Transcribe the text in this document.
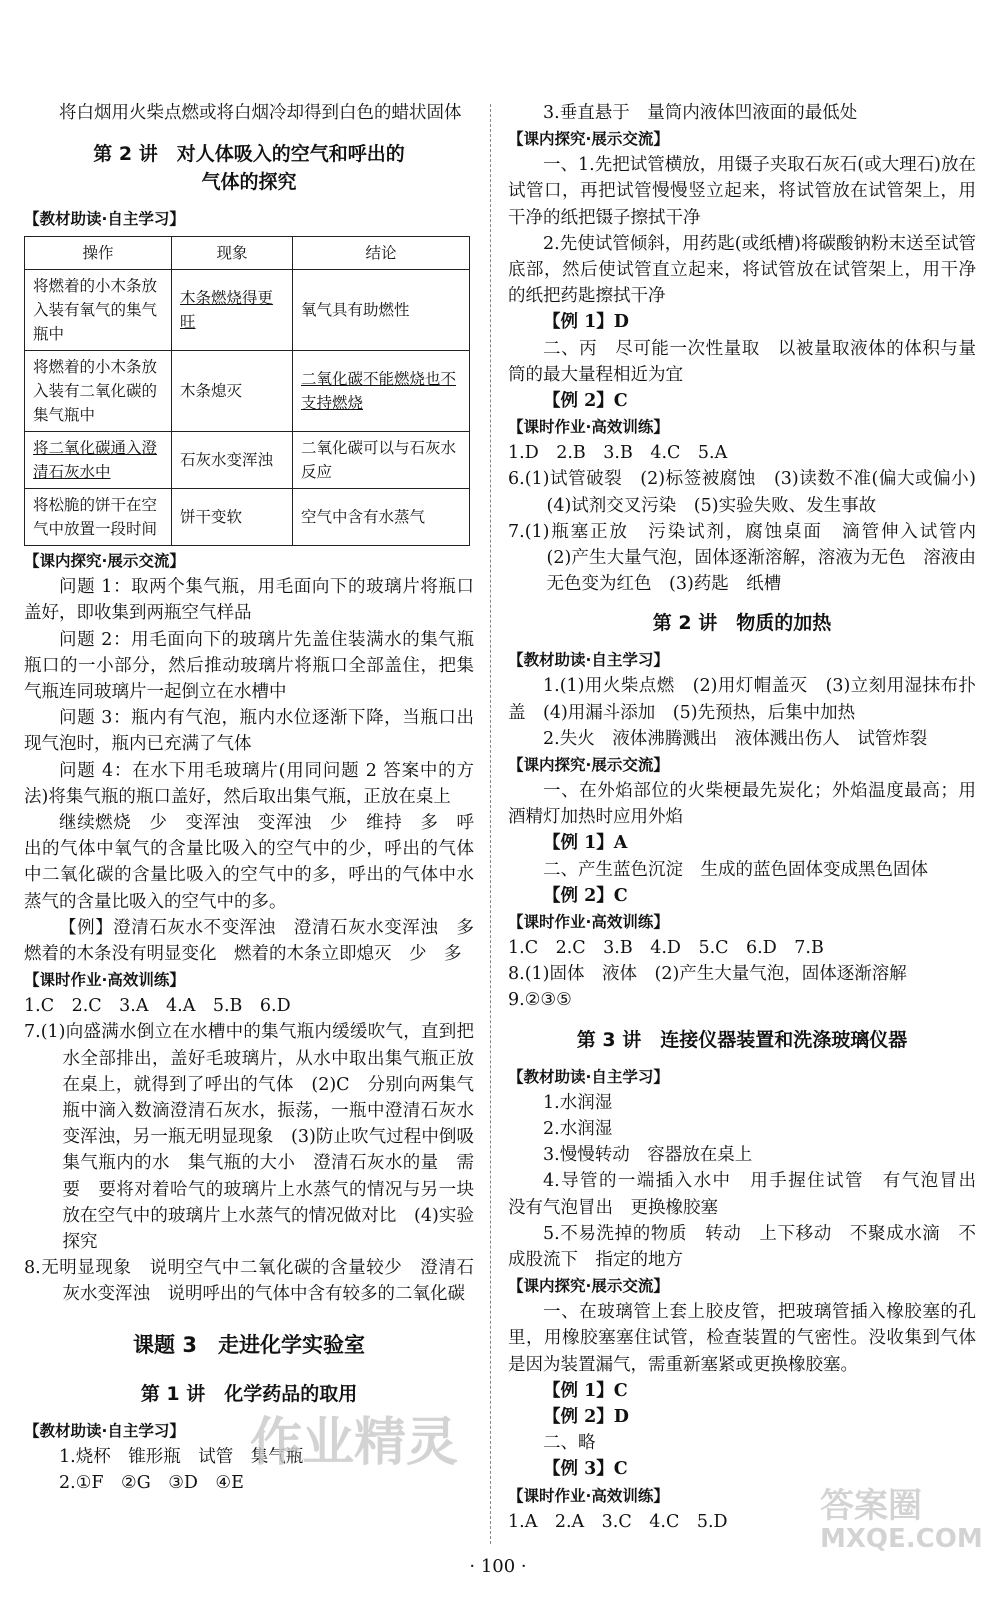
将白烟用火柴点燃或将白烟冷却得到白色的蜡状固体

第 2 讲　对人体吸入的空气和呼出的
气体的探究

【教材助读·自主学习】

操作	现象	结论
将燃着的小木条放入装有氧气的集气瓶中	木条燃烧得更旺	氧气具有助燃性
将燃着的小木条放入装有二氧化碳的集气瓶中	木条熄灭	二氧化碳不能燃烧也不支持燃烧
将二氧化碳通入澄清石灰水中	石灰水变浑浊	二氧化碳可以与石灰水反应
将松脆的饼干在空气中放置一段时间	饼干变软	空气中含有水蒸气

【课内探究·展示交流】

问题 1：取两个集气瓶，用毛面向下的玻璃片将瓶口盖好，即收集到两瓶空气样品

问题 2：用毛面向下的玻璃片先盖住装满水的集气瓶瓶口的一小部分，然后推动玻璃片将瓶口全部盖住，把集气瓶连同玻璃片一起倒立在水槽中

问题 3：瓶内有气泡，瓶内水位逐渐下降，当瓶口出现气泡时，瓶内已充满了气体

问题 4：在水下用毛玻璃片(用同问题 2 答案中的方法)将集气瓶的瓶口盖好，然后取出集气瓶，正放在桌上

继续燃烧　少　变浑浊　变浑浊　少　维持　多　呼出的气体中氧气的含量比吸入的空气中的少，呼出的气体中二氧化碳的含量比吸入的空气中的多，呼出的气体中水蒸气的含量比吸入的空气中的多。

【例】澄清石灰水不变浑浊　澄清石灰水变浑浊　多　燃着的木条没有明显变化　燃着的木条立即熄灭　少　多

【课时作业·高效训练】

1.C　2.C　3.A　4.A　5.B　6.D

7.(1)向盛满水倒立在水槽中的集气瓶内缓缓吹气，直到把水全部排出，盖好毛玻璃片，从水中取出集气瓶正放在桌上，就得到了呼出的气体　(2)C　分别向两集气瓶中滴入数滴澄清石灰水，振荡，一瓶中澄清石灰水变浑浊，另一瓶无明显现象　(3)防止吹气过程中倒吸集气瓶内的水　集气瓶的大小　澄清石灰水的量　需要　要将对着哈气的玻璃片上水蒸气的情况与另一块放在空气中的玻璃片上水蒸气的情况做对比　(4)实验探究

8.无明显现象　说明空气中二氧化碳的含量较少　澄清石灰水变浑浊　说明呼出的气体中含有较多的二氧化碳

课题 3　走进化学实验室
第 1 讲　化学药品的取用

【教材助读·自主学习】

1.烧杯　锥形瓶　试管　集气瓶

2.①F　②G　③D　④E

3.垂直悬于　量筒内液体凹液面的最低处

【课内探究·展示交流】

一、1.先把试管横放，用镊子夹取石灰石(或大理石)放在试管口，再把试管慢慢竖立起来，将试管放在试管架上，用干净的纸把镊子擦拭干净

2.先使试管倾斜，用药匙(或纸槽)将碳酸钠粉末送至试管底部，然后使试管直立起来，将试管放在试管架上，用干净的纸把药匙擦拭干净

【例 1】D

二、丙　尽可能一次性量取　以被量取液体的体积与量筒的最大量程相近为宜

【例 2】C

【课时作业·高效训练】

1.D　2.B　3.B　4.C　5.A

6.(1)试管破裂　(2)标签被腐蚀　(3)读数不准(偏大或偏小)　(4)试剂交叉污染　(5)实验失败、发生事故

7.(1)瓶塞正放　污染试剂，腐蚀桌面　滴管伸入试管内　(2)产生大量气泡，固体逐渐溶解，溶液为无色　溶液由无色变为红色　(3)药匙　纸槽

第 2 讲　物质的加热

【教材助读·自主学习】

1.(1)用火柴点燃　(2)用灯帽盖灭　(3)立刻用湿抹布扑盖　(4)用漏斗添加　(5)先预热，后集中加热

2.失火　液体沸腾溅出　液体溅出伤人　试管炸裂

【课内探究·展示交流】

一、在外焰部位的火柴梗最先炭化；外焰温度最高；用酒精灯加热时应用外焰

【例 1】A

二、产生蓝色沉淀　生成的蓝色固体变成黑色固体

【例 2】C

【课时作业·高效训练】

1.C　2.C　3.B　4.D　5.C　6.D　7.B

8.(1)固体　液体　(2)产生大量气泡，固体逐渐溶解

9.②③⑤

第 3 讲　连接仪器装置和洗涤玻璃仪器

【教材助读·自主学习】

1.水润湿

2.水润湿

3.慢慢转动　容器放在桌上

4.导管的一端插入水中　用手握住试管　有气泡冒出　没有气泡冒出　更换橡胶塞

5.不易洗掉的物质　转动　上下移动　不聚成水滴　不成股流下　指定的地方

【课内探究·展示交流】

一、在玻璃管上套上胶皮管，把玻璃管插入橡胶塞的孔里，用橡胶塞塞住试管，检查装置的气密性。没收集到气体是因为装置漏气，需重新塞紧或更换橡胶塞。

【例 1】C

【例 2】D

二、略

【例 3】C

【课时作业·高效训练】

1.A　2.A　3.C　4.C　5.D

作业精灵
答案圈
MXQE.COM
· 100 ·
